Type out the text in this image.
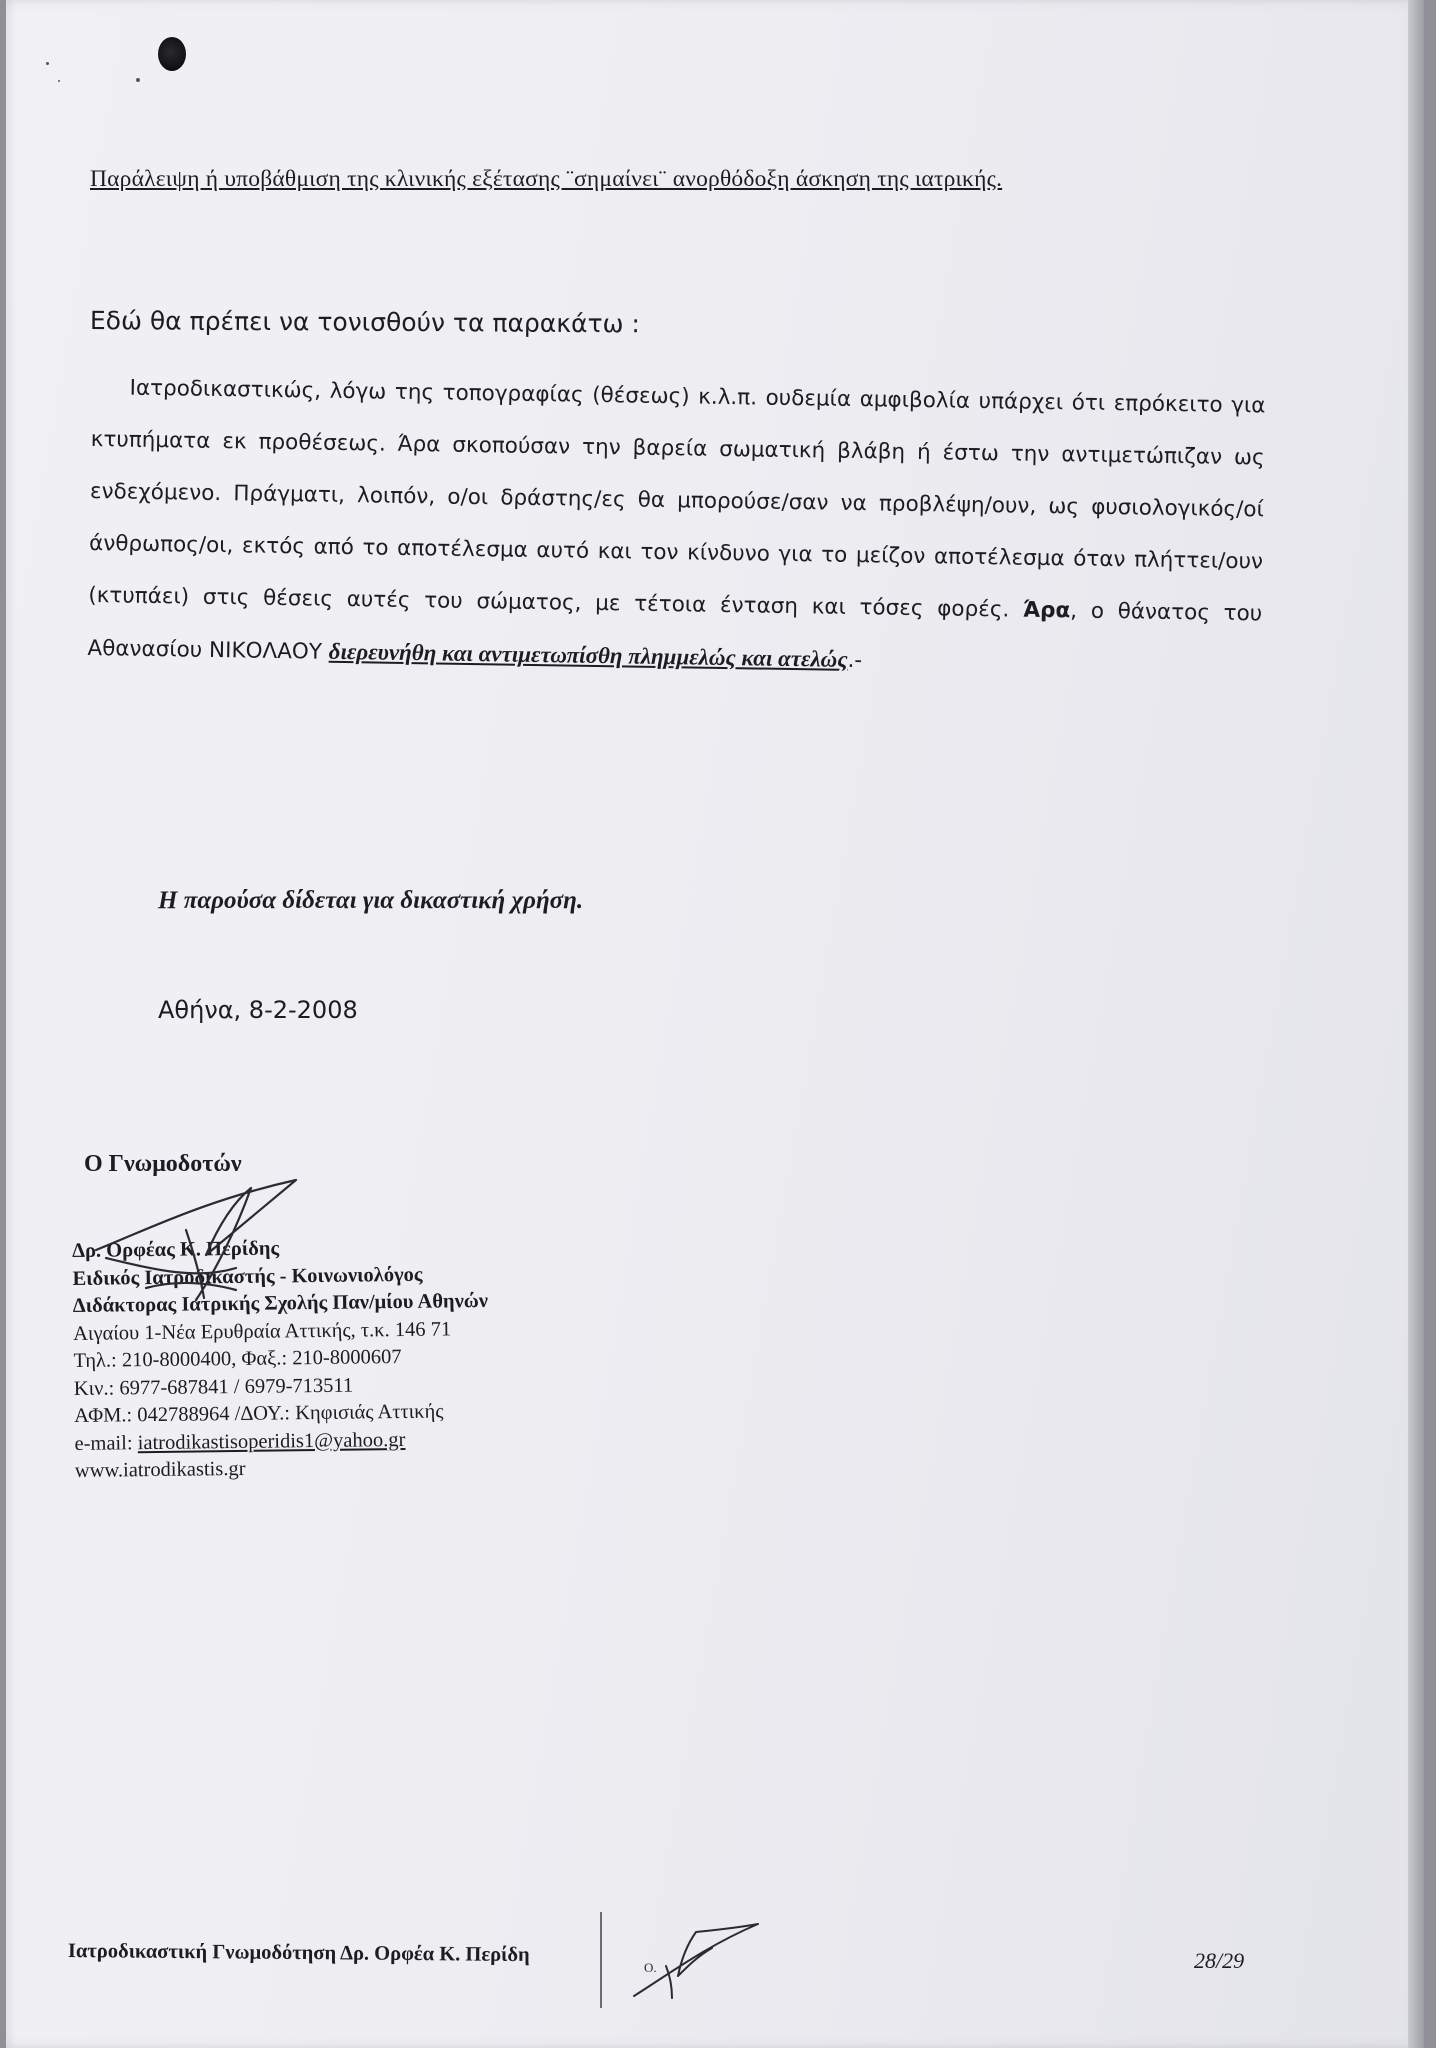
Παράλειψη ή υποβάθμιση της κλινικής εξέτασης ¨σημαίνει¨ ανορθόδοξη άσκηση της ιατρικής.
Εδώ θα πρέπει να τονισθούν τα παρακάτω :
Ιατροδικαστικώς, λόγω της τοπογραφίας (θέσεως) κ.λ.π. ουδεμία αμφιβολία υπάρχει ότι επρόκειτο για κτυπήματα εκ προθέσεως. Άρα σκοπούσαν την βαρεία σωματική βλάβη ή έστω την αντιμετώπιζαν ως ενδεχόμενο. Πράγματι, λοιπόν, ο/οι δράστης/ες θα μπορούσε/σαν να προβλέψη/ουν, ως φυσιολογικός/οί άνθρωπος/οι, εκτός από το αποτέλεσμα αυτό και τον κίνδυνο για το μείζον αποτέλεσμα όταν πλήττει/ουν (κτυπάει) στις θέσεις αυτές του σώματος, με τέτοια ένταση και τόσες φορές. Άρα, ο θάνατος του Αθανασίου ΝΙΚΟΛΑΟΥ διερευνήθη και αντιμετωπίσθη πλημμελώς και ατελώς.-
Η παρούσα δίδεται για δικαστική χρήση.
Αθήνα, 8-2-2008
Ο Γνωμοδοτών
Δρ. Ορφέας Κ. Περίδης
Ειδικός Ιατροδικαστής - Κοινωνιολόγος
Διδάκτορας Ιατρικής Σχολής Παν/μίου Αθηνών
Αιγαίου 1-Νέα Ερυθραία Αττικής, τ.κ. 146 71
Τηλ.: 210-8000400, Φαξ.: 210-8000607
Κιν.: 6977-687841 / 6979-713511
ΑΦΜ.: 042788964 /ΔΟΥ.: Κηφισιάς Αττικής
e-mail: iatrodikastisoperidis1@yahoo.gr
www.iatrodikastis.gr
Ιατροδικαστική Γνωμοδότηση Δρ. Ορφέα Κ. Περίδη
Ο.	28/29
